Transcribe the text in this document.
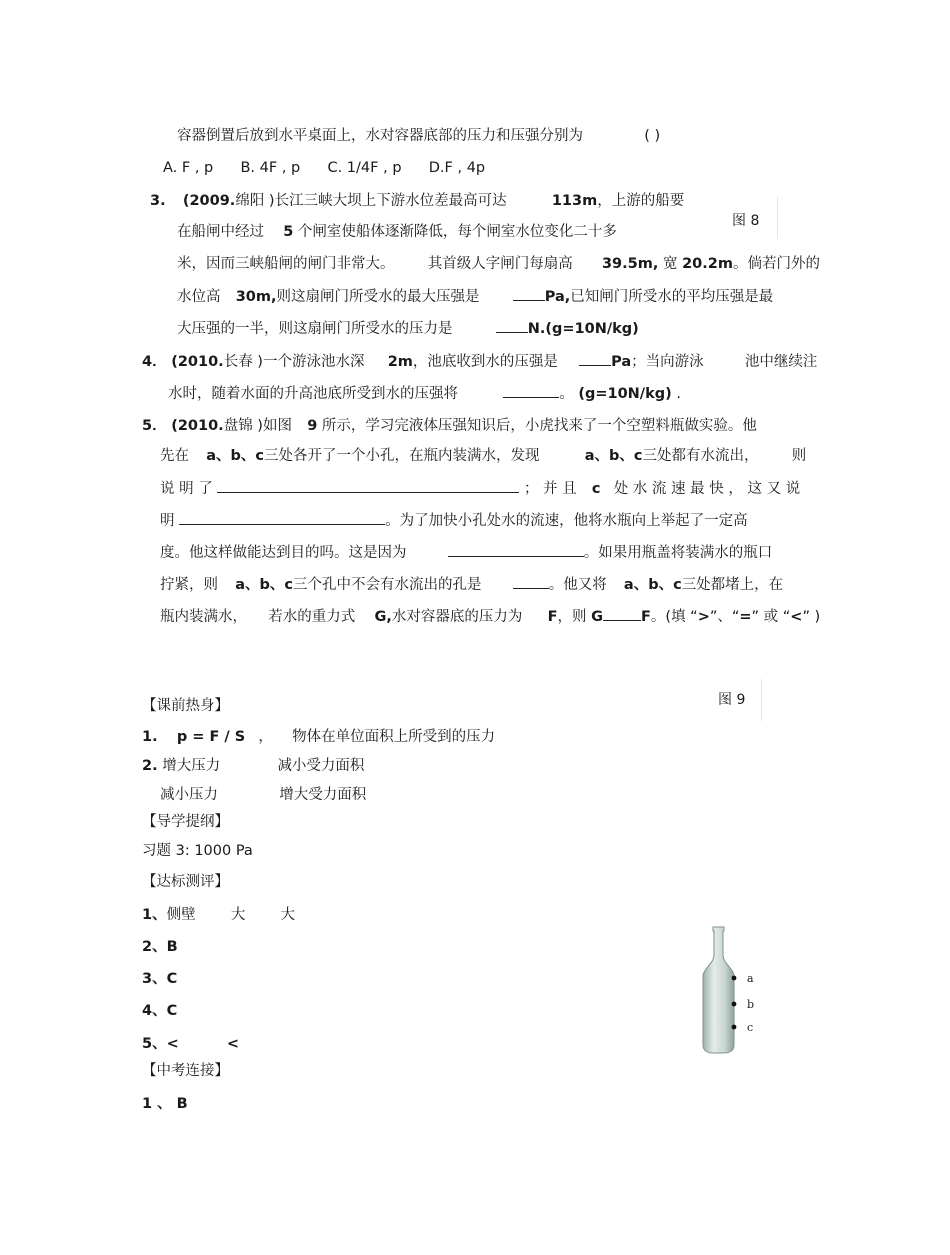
容器倒置后放到水平桌面上，水对容器底部的压力和压强分别为	( )
A. F , p B. 4F , p C. 1/4F , p D.F , 4p
3. (2009.绵阳 )长江三峡大坝上下游水位差最高可达	113m，上游的船要
图 8
在船闸中经过 5 个闸室使船体逐渐降低，每个闸室水位变化二十多
米，因而三峡船闸的闸门非常大。 其首级人字闸门每扇高 39.5m, 宽 20.2m。倘若门外的
水位高 30m,则这扇闸门所受水的最大压强是	Pa,已知闸门所受水的平均压强是最
大压强的一半，则这扇闸门所受水的压力是	N.(g=10N/kg)
4． (2010.长春 )一个游泳池水深 2m，池底收到水的压强是	Pa；当向游泳	池中继续注
水时，随着水面的升高池底所受到水的压强将	。 (g=10N/kg) .
5． (2010.盘锦 )如图 9 所示，学习完液体压强知识后，小虎找来了一个空塑料瓶做实验。他
先在 a、b、c三处各开了一个小孔，在瓶内装满水，发现	a、b、c三处都有水流出， 则
说 明 了	； 并 且 c 处 水 流 速 最 快 ， 这 又 说
明	。为了加快小孔处水的流速，他将水瓶向上举起了一定高
度。他这样做能达到目的吗。这是因为	。如果用瓶盖将装满水的瓶口
拧紧，则 a、b、c三个孔中不会有水流出的孔是	。他又将 a、b、c三处都堵上，在
瓶内装满水， 若水的重力式 G,水对容器底的压力为 F，则 G	F。(填 “>”、“=” 或 “<” )
图 9
【课前热身】
1. p = F / S ， 物体在单位面积上所受到的压力
2. 增大压力	减小受力面积
减小压力	增大受力面积
【导学提纲】
习题 3: 1000 Pa
【达标测评】
1、侧壁 大 大
2、B
3、C
4、C
5、<	<
【中考连接】
1 、 B
a
b
c
